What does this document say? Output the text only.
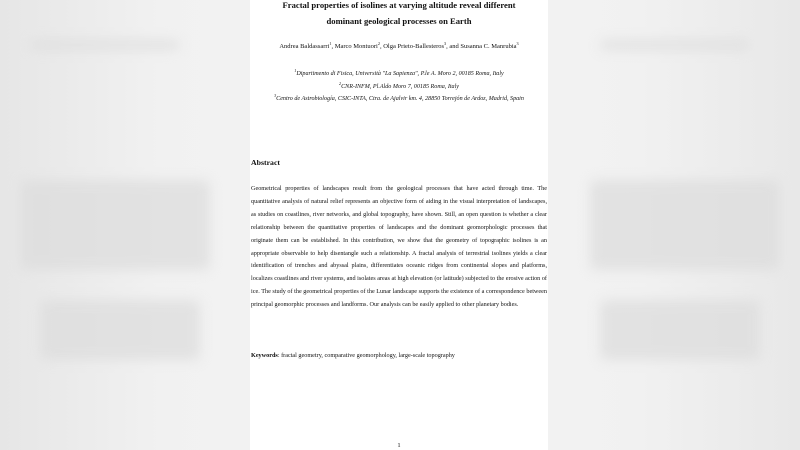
Fractal properties of isolines at varying altitude reveal different
dominant geological processes on Earth
Andrea Baldassarri$^1$, Marco Montuori$^2$, Olga Prieto-Ballesteros$^3$, and Susanna C. Manrubia$^3$
$^1$Dipartimento di Fisica, Università "La Sapienza", P.le A. Moro 2, 00185 Roma, Italy
$^2$CNR-INFM, Pl.Aldo Moro 7, 00185 Roma, Italy
$^3$Centro de Astrobiología, CSIC-INTA, Ctra. de Ajalvir km. 4, 28850 Torrejón de Ardoz, Madrid, Spain
Abstract

Geometrical properties of landscapes result from the geological processes that have acted through time. The quantitative analysis of natural relief represents an objective form of aiding in the visual interpretation of landscapes, as studies on coastlines, river networks, and global topography, have shown. Still, an open question is whether a clear relationship between the quantitative properties of landscapes and the dominant geomorphologic processes that originate them can be established. In this contribution, we show that the geometry of topographic isolines is an appropriate observable to help disentangle such a relationship. A fractal analysis of terrestrial isolines yields a clear identification of trenches and abyssal plains, differentiates oceanic ridges from continental slopes and platforms, localizes coastlines and river systems, and isolates areas at high elevation (or latitude) subjected to the erosive action of ice. The study of the geometrical properties of the Lunar landscape supports the existence of a correspondence between principal geomorphic processes and landforms. Our analysis can be easily applied to other planetary bodies.

Keywords: fractal geometry, comparative geomorphology, large-scale topography

1
